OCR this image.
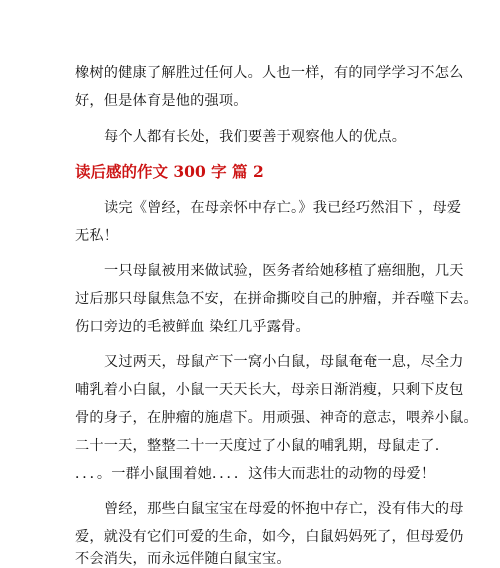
橡树的健康了解胜过任何人。人也一样，有的同学学习不怎么
好，但是体育是他的强项。
每个人都有长处，我们要善于观察他人的优点。
读后感的作文 300 字 篇 2
读完《曾经，在母亲怀中存亡。》我已经巧然泪下 ，母爱
无私！
一只母鼠被用来做试验，医务者给她移植了癌细胞，几天
过后那只母鼠焦急不安，在拼命撕咬自己的肿瘤，并吞噬下去。
伤口旁边的毛被鲜血 染红几乎露骨。
又过两天，母鼠产下一窝小白鼠，母鼠奄奄一息，尽全力
哺乳着小白鼠，小鼠一天天长大，母亲日渐消瘦，只剩下皮包
骨的身子，在肿瘤的施虐下。用顽强、神奇的意志，喂养小鼠。
二十一天，整整二十一天度过了小鼠的哺乳期，母鼠走了.
．．．。一群小鼠围着她．．．．这伟大而悲壮的动物的母爱！
曾经，那些白鼠宝宝在母爱的怀抱中存亡，没有伟大的母
爱，就没有它们可爱的生命，如今，白鼠妈妈死了，但母爱仍
不会消失，而永远伴随白鼠宝宝。
